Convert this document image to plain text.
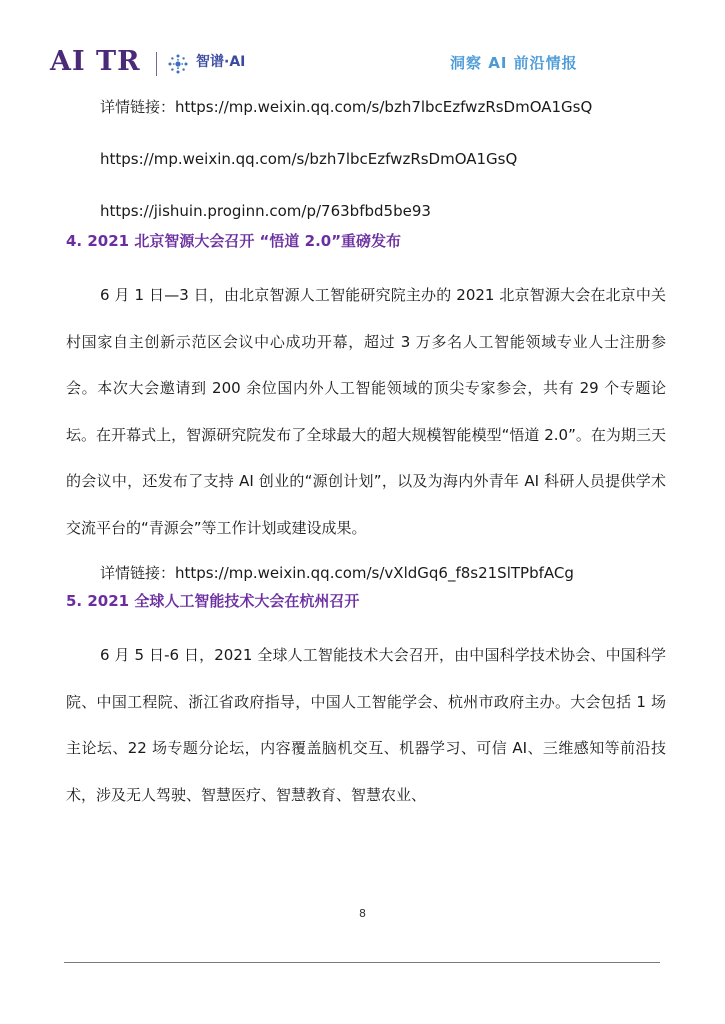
AI TR	智谱·AI	洞察 AI 前沿情报

详情链接：https://mp.weixin.qq.com/s/bzh7lbcEzfwzRsDmOA1GsQ

https://mp.weixin.qq.com/s/bzh7lbcEzfwzRsDmOA1GsQ

https://jishuin.proginn.com/p/763bfbd5be93

4. 2021 北京智源大会召开 “悟道 2.0”重磅发布

6 月 1 日—3 日，由北京智源人工智能研究院主办的 2021 北京智源大会在北京中关村国家自主创新示范区会议中心成功开幕，超过 3 万多名人工智能领域专业人士注册参会。本次大会邀请到 200 余位国内外人工智能领域的顶尖专家参会，共有 29 个专题论坛。在开幕式上，智源研究院发布了全球最大的超大规模智能模型“悟道 2.0”。在为期三天的会议中，还发布了支持 AI 创业的“源创计划”，以及为海内外青年 AI 科研人员提供学术交流平台的“青源会”等工作计划或建设成果。

详情链接：https://mp.weixin.qq.com/s/vXldGq6_f8s21SlTPbfACg

5. 2021 全球人工智能技术大会在杭州召开

6 月 5 日-6 日，2021 全球人工智能技术大会召开，由中国科学技术协会、中国科学院、中国工程院、浙江省政府指导，中国人工智能学会、杭州市政府主办。大会包括 1 场主论坛、22 场专题分论坛，内容覆盖脑机交互、机器学习、可信 AI、三维感知等前沿技术，涉及无人驾驶、智慧医疗、智慧教育、智慧农业、

8
